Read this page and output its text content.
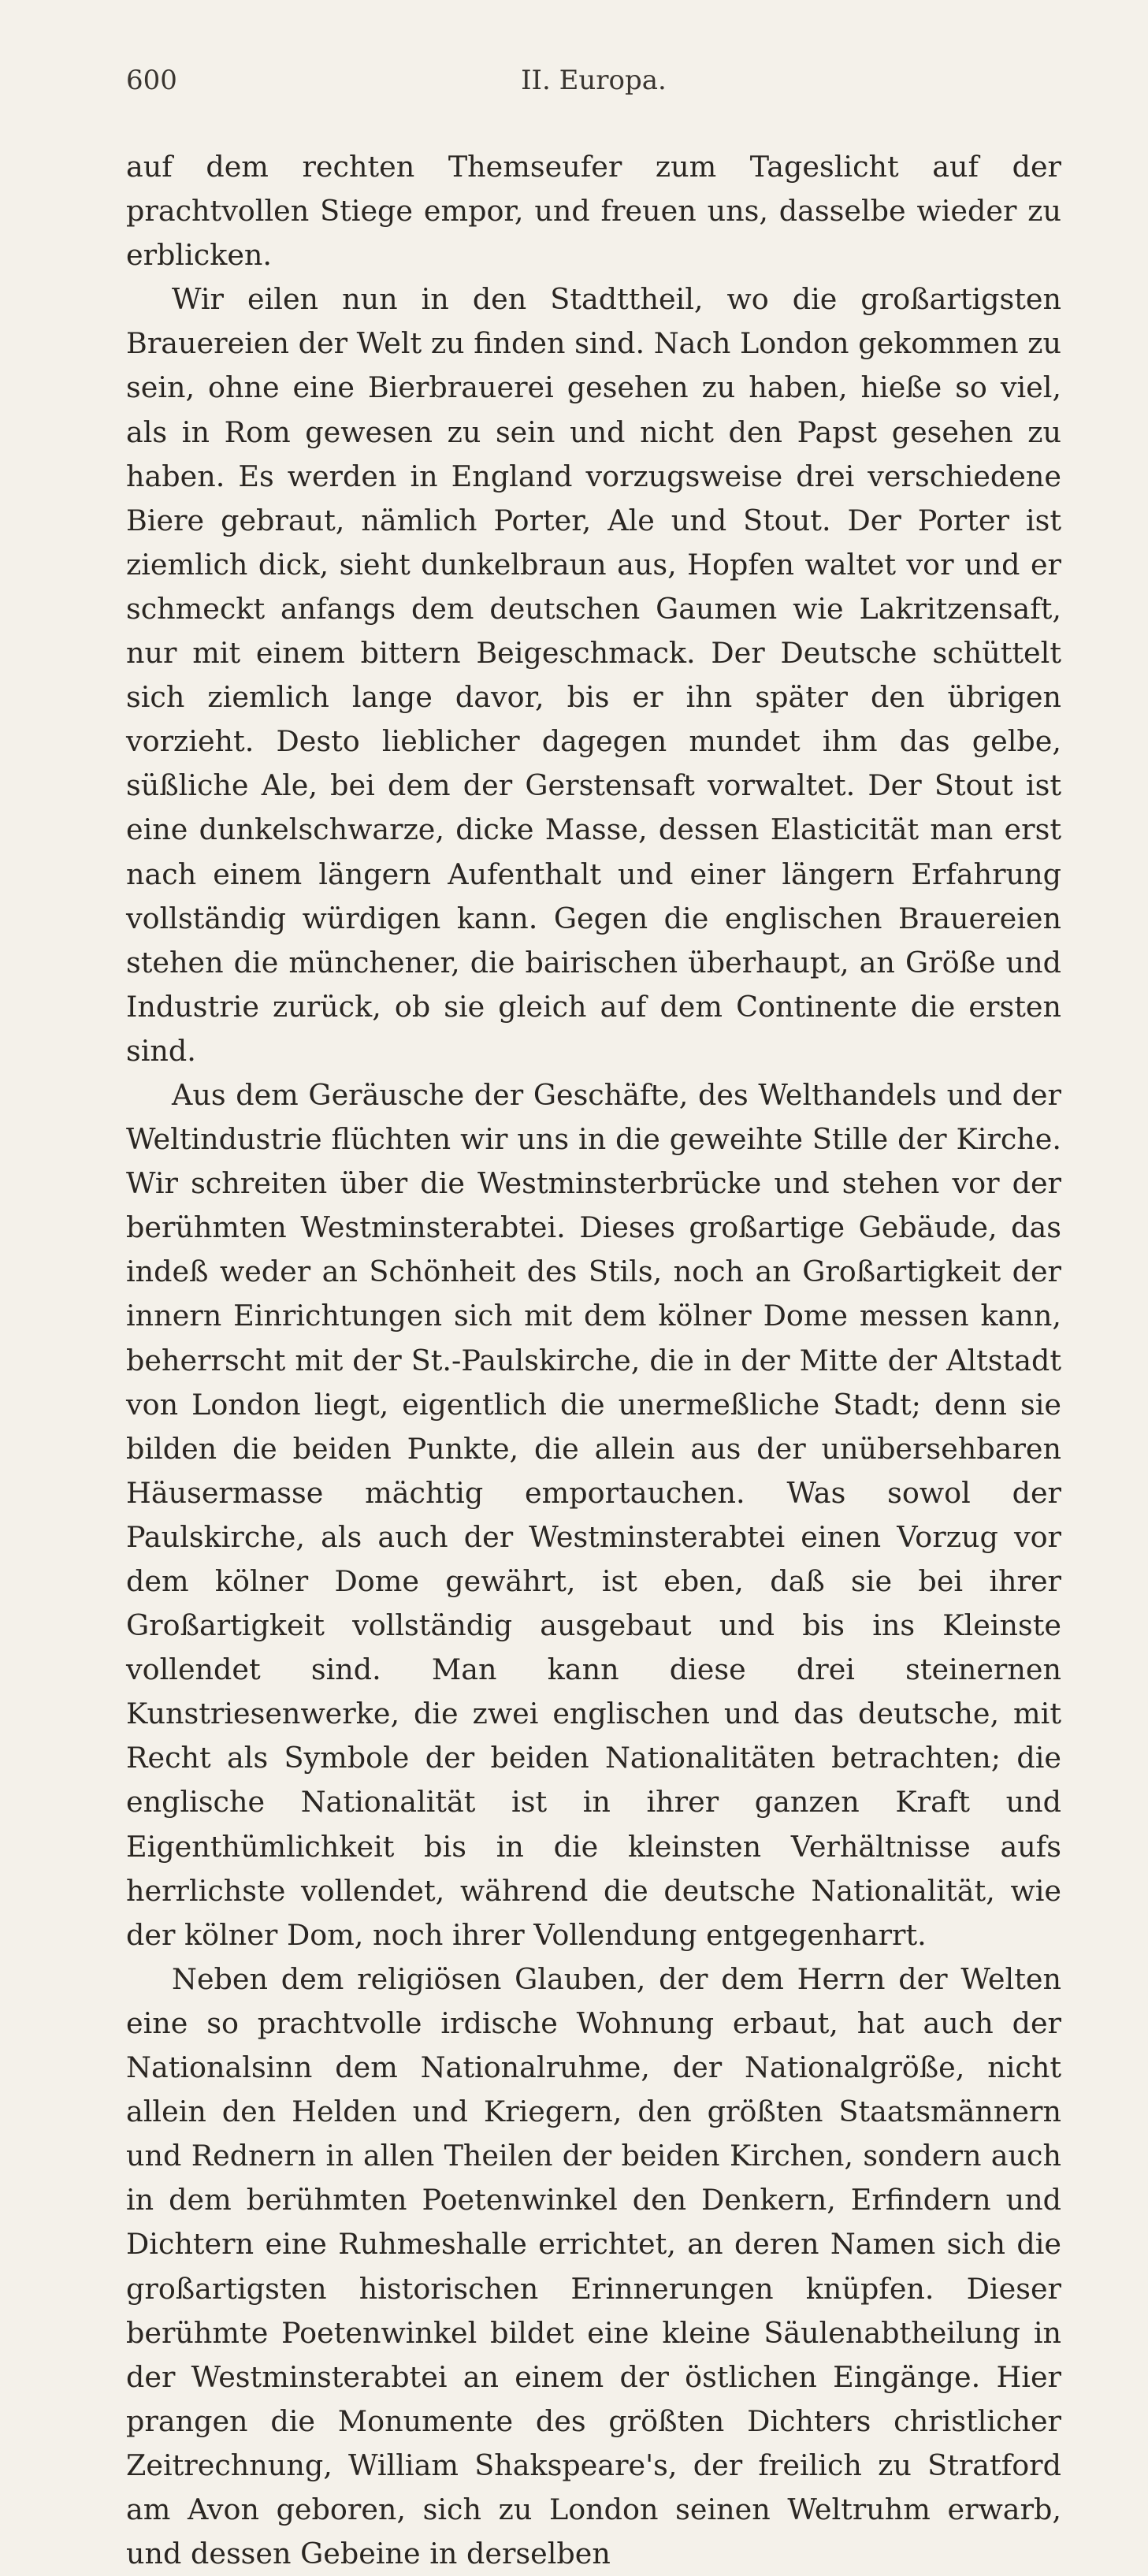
600	II. Europa.

auf dem rechten Themseufer zum Tageslicht auf der prachtvollen Stiege empor, und freuen uns, dasselbe wieder zu erblicken.

Wir eilen nun in den Stadttheil, wo die großartigsten Brauereien der Welt zu finden sind. Nach London gekommen zu sein, ohne eine Bierbrauerei gesehen zu haben, hieße so viel, als in Rom gewesen zu sein und nicht den Papst gesehen zu haben. Es werden in England vorzugsweise drei verschiedene Biere gebraut, nämlich Porter, Ale und Stout. Der Porter ist ziemlich dick, sieht dunkelbraun aus, Hopfen waltet vor und er schmeckt anfangs dem deutschen Gaumen wie Lakritzensaft, nur mit einem bittern Beigeschmack. Der Deutsche schüttelt sich ziemlich lange davor, bis er ihn später den übrigen vorzieht. Desto lieblicher dagegen mundet ihm das gelbe, süßliche Ale, bei dem der Gerstensaft vorwaltet. Der Stout ist eine dunkelschwarze, dicke Masse, dessen Elasticität man erst nach einem längern Aufenthalt und einer längern Erfahrung vollständig würdigen kann. Gegen die englischen Brauereien stehen die münchener, die bairischen überhaupt, an Größe und Industrie zurück, ob sie gleich auf dem Continente die ersten sind.

Aus dem Geräusche der Geschäfte, des Welthandels und der Weltindustrie flüchten wir uns in die geweihte Stille der Kirche. Wir schreiten über die Westminsterbrücke und stehen vor der berühmten Westminsterabtei. Dieses großartige Gebäude, das indeß weder an Schönheit des Stils, noch an Großartigkeit der innern Einrichtungen sich mit dem kölner Dome messen kann, beherrscht mit der St.-Paulskirche, die in der Mitte der Altstadt von London liegt, eigentlich die unermeßliche Stadt; denn sie bilden die beiden Punkte, die allein aus der unübersehbaren Häusermasse mächtig emportauchen. Was sowol der Paulskirche, als auch der Westminsterabtei einen Vorzug vor dem kölner Dome gewährt, ist eben, daß sie bei ihrer Großartigkeit vollständig ausgebaut und bis ins Kleinste vollendet sind. Man kann diese drei steinernen Kunstriesenwerke, die zwei englischen und das deutsche, mit Recht als Symbole der beiden Nationalitäten betrachten; die englische Nationalität ist in ihrer ganzen Kraft und Eigenthümlichkeit bis in die kleinsten Verhältnisse aufs herrlichste vollendet, während die deutsche Nationalität, wie der kölner Dom, noch ihrer Vollendung entgegenharrt.

Neben dem religiösen Glauben, der dem Herrn der Welten eine so prachtvolle irdische Wohnung erbaut, hat auch der Nationalsinn dem Nationalruhme, der Nationalgröße, nicht allein den Helden und Kriegern, den größten Staatsmännern und Rednern in allen Theilen der beiden Kirchen, sondern auch in dem berühmten Poetenwinkel den Denkern, Erfindern und Dichtern eine Ruhmeshalle errichtet, an deren Namen sich die großartigsten historischen Erinnerungen knüpfen. Dieser berühmte Poetenwinkel bildet eine kleine Säulenabtheilung in der Westminsterabtei an einem der östlichen Eingänge. Hier prangen die Monumente des größten Dichters christlicher Zeitrechnung, William Shakspeare's, der freilich zu Stratford am Avon geboren, sich zu London seinen Weltruhm erwarb, und dessen Gebeine in derselben
